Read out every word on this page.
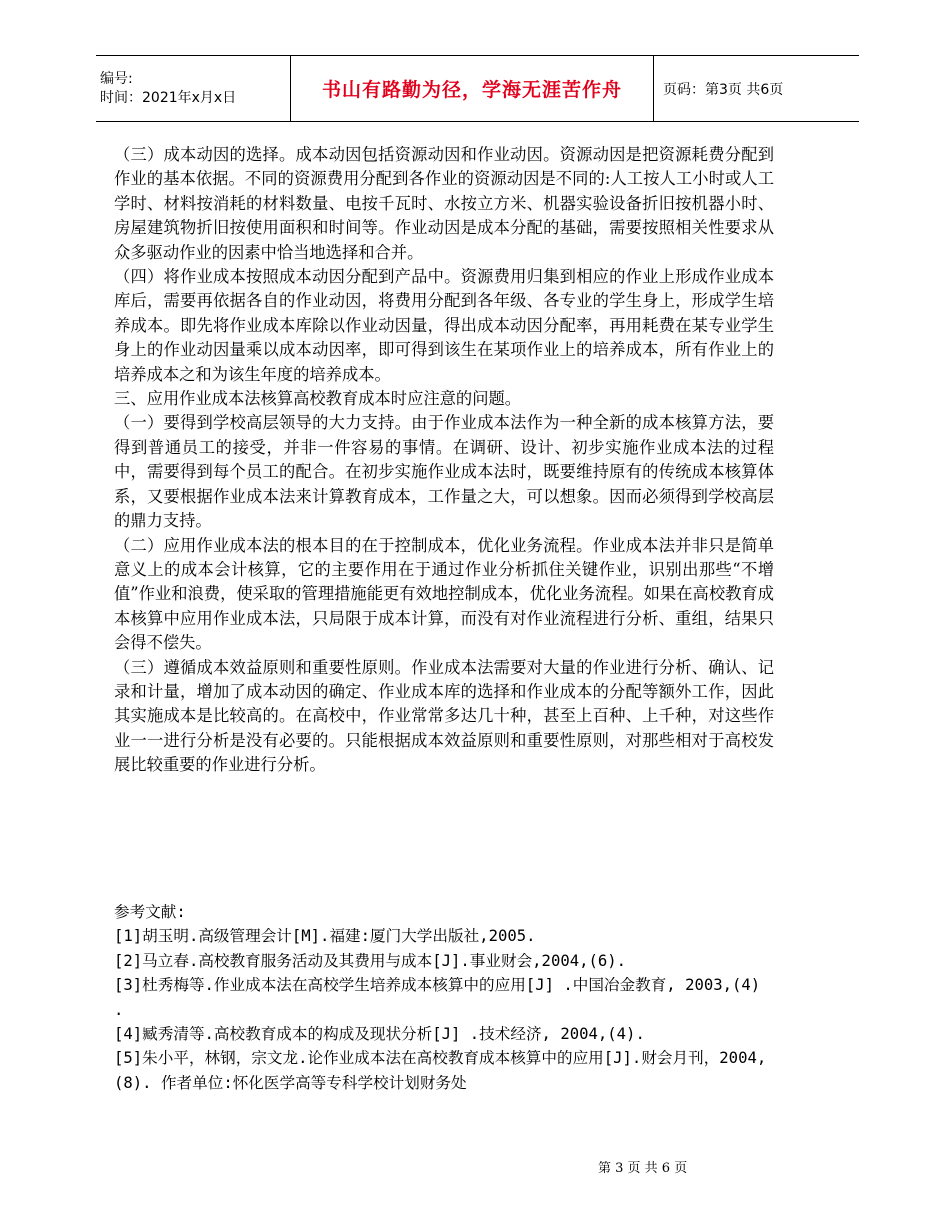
编号:
时间：2021年x月x日	书山有路勤为径，学海无涯苦作舟	页码：第3页 共6页

（三）成本动因的选择。成本动因包括资源动因和作业动因。资源动因是把资源耗费分配到作业的基本依据。不同的资源费用分配到各作业的资源动因是不同的:人工按人工小时或人工学时、材料按消耗的材料数量、电按千瓦时、水按立方米、机器实验设备折旧按机器小时、房屋建筑物折旧按使用面积和时间等。作业动因是成本分配的基础，需要按照相关性要求从众多驱动作业的因素中恰当地选择和合并。

（四）将作业成本按照成本动因分配到产品中。资源费用归集到相应的作业上形成作业成本库后，需要再依据各自的作业动因，将费用分配到各年级、各专业的学生身上，形成学生培养成本。即先将作业成本库除以作业动因量，得出成本动因分配率，再用耗费在某专业学生身上的作业动因量乘以成本动因率，即可得到该生在某项作业上的培养成本，所有作业上的培养成本之和为该生年度的培养成本。

三、应用作业成本法核算高校教育成本时应注意的问题。

（一）要得到学校高层领导的大力支持。由于作业成本法作为一种全新的成本核算方法，要得到普通员工的接受，并非一件容易的事情。在调研、设计、初步实施作业成本法的过程中，需要得到每个员工的配合。在初步实施作业成本法时，既要维持原有的传统成本核算体系，又要根据作业成本法来计算教育成本，工作量之大，可以想象。因而必须得到学校高层的鼎力支持。

（二）应用作业成本法的根本目的在于控制成本，优化业务流程。作业成本法并非只是简单意义上的成本会计核算，它的主要作用在于通过作业分析抓住关键作业，识别出那些“不增值”作业和浪费，使采取的管理措施能更有效地控制成本，优化业务流程。如果在高校教育成本核算中应用作业成本法，只局限于成本计算，而没有对作业流程进行分析、重组，结果只会得不偿失。

（三）遵循成本效益原则和重要性原则。作业成本法需要对大量的作业进行分析、确认、记录和计量，增加了成本动因的确定、作业成本库的选择和作业成本的分配等额外工作，因此其实施成本是比较高的。在高校中，作业常常多达几十种，甚至上百种、上千种，对这些作业一一进行分析是没有必要的。只能根据成本效益原则和重要性原则，对那些相对于高校发展比较重要的作业进行分析。

参考文献:

[1]胡玉明.高级管理会计[M].福建:厦门大学出版社,2005.

[2]马立春.高校教育服务活动及其费用与成本[J].事业财会,2004,(6).

[3]杜秀梅等.作业成本法在高校学生培养成本核算中的应用[J] .中国冶金教育, 2003,(4) .

[4]臧秀清等.高校教育成本的构成及现状分析[J] .技术经济, 2004,(4).

[5]朱小平，林钢，宗文龙.论作业成本法在高校教育成本核算中的应用[J].财会月刊，2004,(8). 作者单位:怀化医学高等专科学校计划财务处

第 3 页 共 6 页
